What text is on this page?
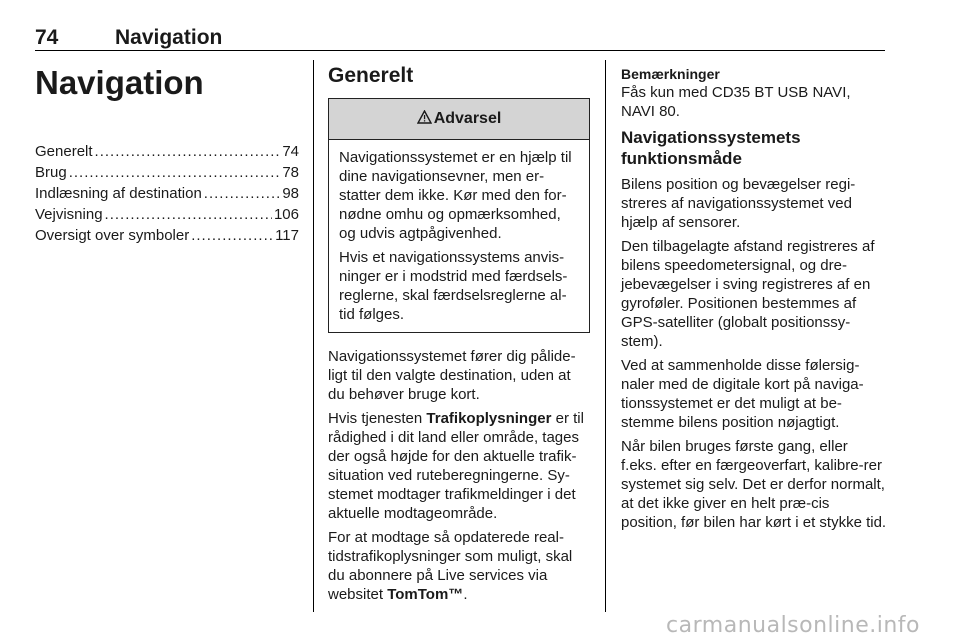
74	Navigation
Navigation
Generelt .....	74
Brug .....	78
Indlæsning af destination .....	98
Vejvisning .....	106
Oversigt over symboler .....	117
Generelt
Advarsel

Navigationssystemet er en hjælp til dine navigationsevner, men er-statter dem ikke. Kør med den for-nødne omhu og opmærksomhed, og udvis agtpågivenhed.

Hvis et navigationssystems anvis-ninger er i modstrid med færdsels-reglerne, skal færdselsreglerne al-tid følges.

Navigationssystemet fører dig pålide-ligt til den valgte destination, uden at du behøver bruge kort.

Hvis tjenesten Trafikoplysninger er til rådighed i dit land eller område, tages der også højde for den aktuelle trafik-situation ved ruteberegningerne. Sy-stemet modtager trafikmeldinger i det aktuelle modtageområde.

For at modtage så opdaterede real-tidstrafikoplysninger som muligt, skal du abonnere på Live services via websitet TomTom™.

Bemærkninger

Fås kun med CD35 BT USB NAVI, NAVI 80.

Navigationssystemets funktionsmåde

Bilens position og bevægelser regi-streres af navigationssystemet ved hjælp af sensorer.

Den tilbagelagte afstand registreres af bilens speedometersignal, og dre-jebevægelser i sving registreres af en gyroføler. Positionen bestemmes af GPS-satelliter (globalt positionssy-stem).

Ved at sammenholde disse følersig-naler med de digitale kort på naviga-tionssystemet er det muligt at be-stemme bilens position nøjagtigt.

Når bilen bruges første gang, eller f.eks. efter en færgeoverfart, kalibre-rer systemet sig selv. Det er derfor normalt, at det ikke giver en helt præ-cis position, før bilen har kørt i et stykke tid.

carmanualsonline.info
